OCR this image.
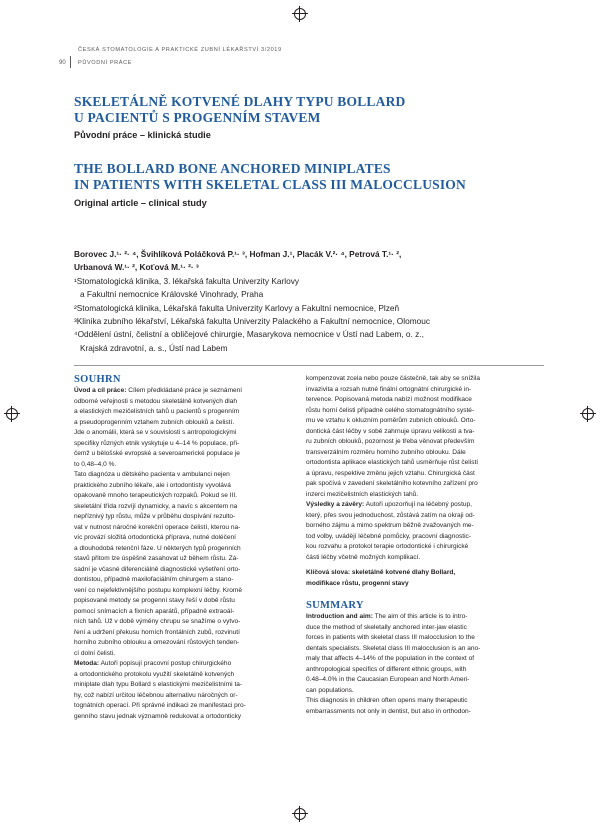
ČESKÁ STOMATOLOGIE A PRAKTICKÉ ZUBNÍ LÉKAŘSTVÍ 3/2019
90 PŮVODNÍ PRÁCE
SKELETÁLNĚ KOTVENÉ DLAHY TYPU BOLLARD
U PACIENTŮ S PROGENNÍM STAVEM
Původní práce – klinická studie
THE BOLLARD BONE ANCHORED MINIPLATES
IN PATIENTS WITH SKELETAL CLASS III MALOCCLUSION
Original article – clinical study
Borovec J.¹· ²· ⁴, Švihlíková Poláčková P.¹· ³, Hofman J.¹, Placák V.²· ⁴, Petrová T.¹· ²,
Urbanová W.¹· ², Koťová M.¹· ²· ³
¹Stomatologická klinika, 3. lékařská fakulta Univerzity Karlovy
a Fakultní nemocnice Královské Vinohrady, Praha
²Stomatologická klinika, Lékařská fakulta Univerzity Karlovy a Fakultní nemocnice, Plzeň
³Klinika zubního lékařství, Lékařská fakulta Univerzity Palackého a Fakultní nemocnice, Olomouc
⁴Oddělení ústní, čelistní a obličejové chirurgie, Masarykova nemocnice v Ústí nad Labem, o. z.,
Krajská zdravotní, a. s., Ústí nad Labem
SOUHRN
Úvod a cíl práce: Cílem předkládané práce je seznámení
odborné veřejnosti s metodou skeletálně kotvených dlah
a elastických mezičelistních tahů u pacientů s progenním
a pseudoprogenním vztahem zubních oblouků a čelistí.
Jde o anomálii, která se v souvislosti s antropologickými
specifiky různých etnik vyskytuje u 4–14 % populace, při-
čemž u bělošské evropské a severoamerické populace je
to 0,48–4,0 %.
Tato diagnóza u dětského pacienta v ambulanci nejen
praktického zubního lékaře, ale i ortodontisty vyvolává
opakovaně mnoho terapeutických rozpaků. Pokud se III.
skeletální třída rozvíjí dynamicky, a navíc s akcentem na
nepříznivý typ růstu, může v průběhu dospívání rezulto-
vat v nutnost náročné korekční operace čelistí, kterou na-
víc provází složitá ortodontická příprava, nutné doléčení
a dlouhodobá retenční fáze. U některých typů progenních
stavů přitom lze úspěšně zasahovat už během růstu. Zá-
sadní je včasné diferenciálně diagnostické vyšetření orto-
dontistou, případně maxilofaciálním chirurgem a stano-
vení co nejefektivnějšího postupu komplexní léčby. Kromě
popisované metody se progenní stavy řeší v době růstu
pomocí snímacích a fixních aparátů, případně extraoál-
ních tahů. Už v době výměny chrupu se snažíme o vytvo-
ření a udržení překusu horních frontálních zubů, rozvinutí
horního zubního oblouku a omezování růstových tenden-
cí dolní čelisti.
Metoda: Autoři popisují pracovní postup chirurgického
a ortodontického protokolu využití skeletálně kotvených
miniplate dlah typu Bollard s elastickými mezičelistními ta-
hy, což nabízí určitou léčebnou alternativu náročných or-
tognátních operací. Při správné indikaci ze manifestaci pro-
genního stavu jednak významně redukovat a ortodonticky
kompenzovat zcela nebo pouze částečně, tak aby se snížila
invazivita a rozsah nutné finální ortognátní chirurgické in-
tervence. Popisovaná metoda nabízí možnost modifikace
růstu horní čelisti případně celého stomatognátního systé-
mu ve vztahu k okluzním poměrům zubních oblouků. Orto-
dontická část léčby v sobě zahrnuje úpravu velikosti a tva-
ru zubních oblouků, pozornost je třeba věnovat především
transverzálním rozměru horního zubního oblouku. Dále
ortodontista aplikace elastických tahů usměrňuje růst čelistí
a úpravu, respektive změnu jejich vztahu. Chirurgická část
pak spočívá v zavedení skeletálního kotevního zařízení pro
inzerci mezičelistních elastických tahů.
Výsledky a závěry: Autoři upozorňují na léčebný postup,
který, přes svou jednoduchost, zůstává zatím na okraji od-
borného zájmu a mimo spektrum běžně zvažovaných me-
tod volby, uvádějí léčebné pomůcky, pracovní diagnostic-
kou rozvahu a protokol terapie ortodontické i chirurgické
části léčby včetně možných komplikací.
Klíčová slova: skeletálně kotvené dlahy Bollard,
modifikace růstu, progenní stavy
SUMMARY
Introduction and aim: The aim of this article is to intro-
duce the method of skeletally anchored inter-jaw elastic
forces in patients with skeletal class III malocclusion to the
dentals specialists. Skeletal class III malocclusion is an ano-
maly that affects 4–14% of the population in the context of
anthropological specifics of different ethnic groups, with
0.48–4.0% in the Caucasian European and North Ameri-
can populations.
This diagnosis in children often opens many therapeutic
embarrassments not only in dentist, but also in orthodon-
